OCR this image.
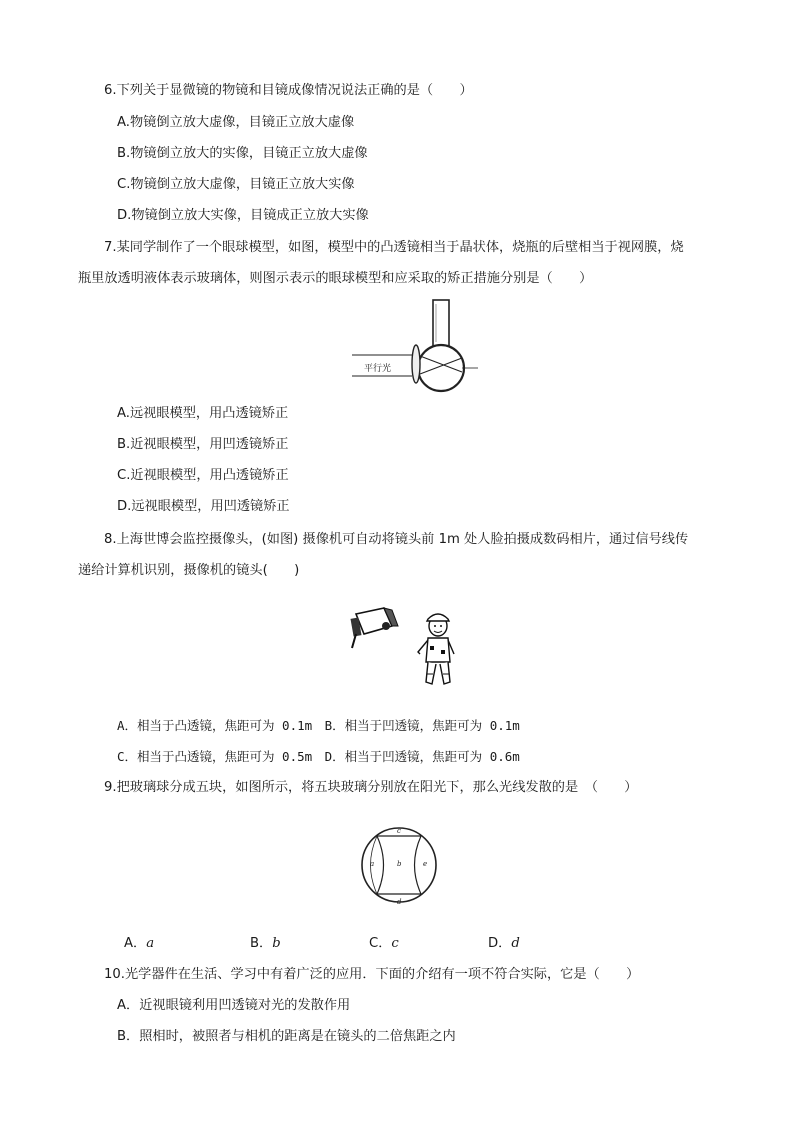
6.下列关于显微镜的物镜和目镜成像情况说法正确的是（　　）
A.物镜倒立放大虚像，目镜正立放大虚像
B.物镜倒立放大的实像，目镜正立放大虚像
C.物镜倒立放大虚像，目镜正立放大实像
D.物镜倒立放大实像，目镜成正立放大实像
7.某同学制作了一个眼球模型，如图，模型中的凸透镜相当于晶状体，烧瓶的后壁相当于视网膜，烧
瓶里放透明液体表示玻璃体，则图示表示的眼球模型和应采取的矫正措施分别是（　　）
平行光
A.远视眼模型，用凸透镜矫正
B.近视眼模型，用凹透镜矫正
C.近视眼模型，用凸透镜矫正
D.远视眼模型，用凹透镜矫正
8.上海世博会监控摄像头，(如图) 摄像机可自动将镜头前 1m 处人脸拍摄成数码相片，通过信号线传
递给计算机识别，摄像机的镜头(　　)
A．相当于凸透镜，焦距可为 0.1m　B．相当于凹透镜，焦距可为 0.1m
C．相当于凸透镜，焦距可为 0.5m　D．相当于凹透镜，焦距可为 0.6m
9.把玻璃球分成五块，如图所示，将五块玻璃分别放在阳光下，那么光线发散的是　（　　）
a	b
c
d
e
A．a	B．b	C．c	D．d
10.光学器件在生活、学习中有着广泛的应用．下面的介绍有一项不符合实际，它是（　　）
A．近视眼镜利用凹透镜对光的发散作用
B．照相时，被照者与相机的距离是在镜头的二倍焦距之内
